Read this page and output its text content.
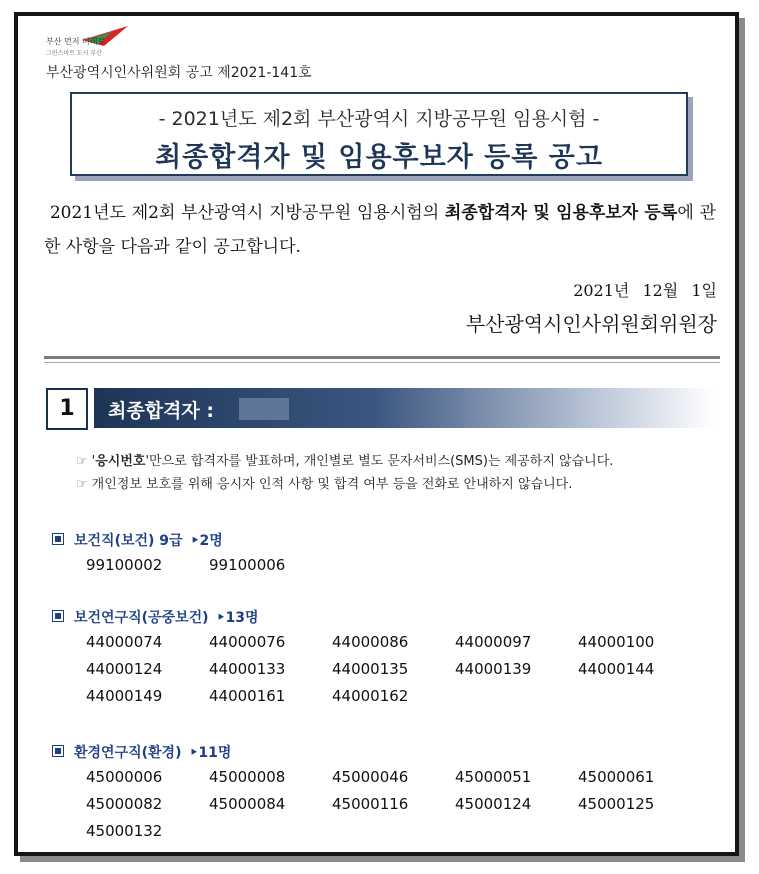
부산 먼저 미래로
그린스마트 도시 부산
부산광역시인사위원회 공고 제2021-141호
- 2021년도 제2회 부산광역시 지방공무원 임용시험 -
최종합격자 및 임용후보자 등록 공고
2021년도 제2회 부산광역시 지방공무원 임용시험의 최종합격자 및 임용후보자 등록에 관한 사항을 다음과 같이 공고합니다.
2021년 12월 1일
부산광역시인사위원회위원장
1	최종합격자 :
☞ '응시번호'만으로 합격자를 발표하며, 개인별로 별도 문자서비스(SMS)는 제공하지 않습니다.
☞ 개인정보 보호를 위해 응시자 인적 사항 및 합격 여부 등을 전화로 안내하지 않습니다.
보건직(보건) 9급 ‣2명
99100002	99100006
보건연구직(공중보건) ‣13명
44000074	44000076	44000086	44000097	44000100
44000124	44000133	44000135	44000139	44000144
44000149	44000161	44000162
환경연구직(환경) ‣11명
45000006	45000008	45000046	45000051	45000061
45000082	45000084	45000116	45000124	45000125
45000132
